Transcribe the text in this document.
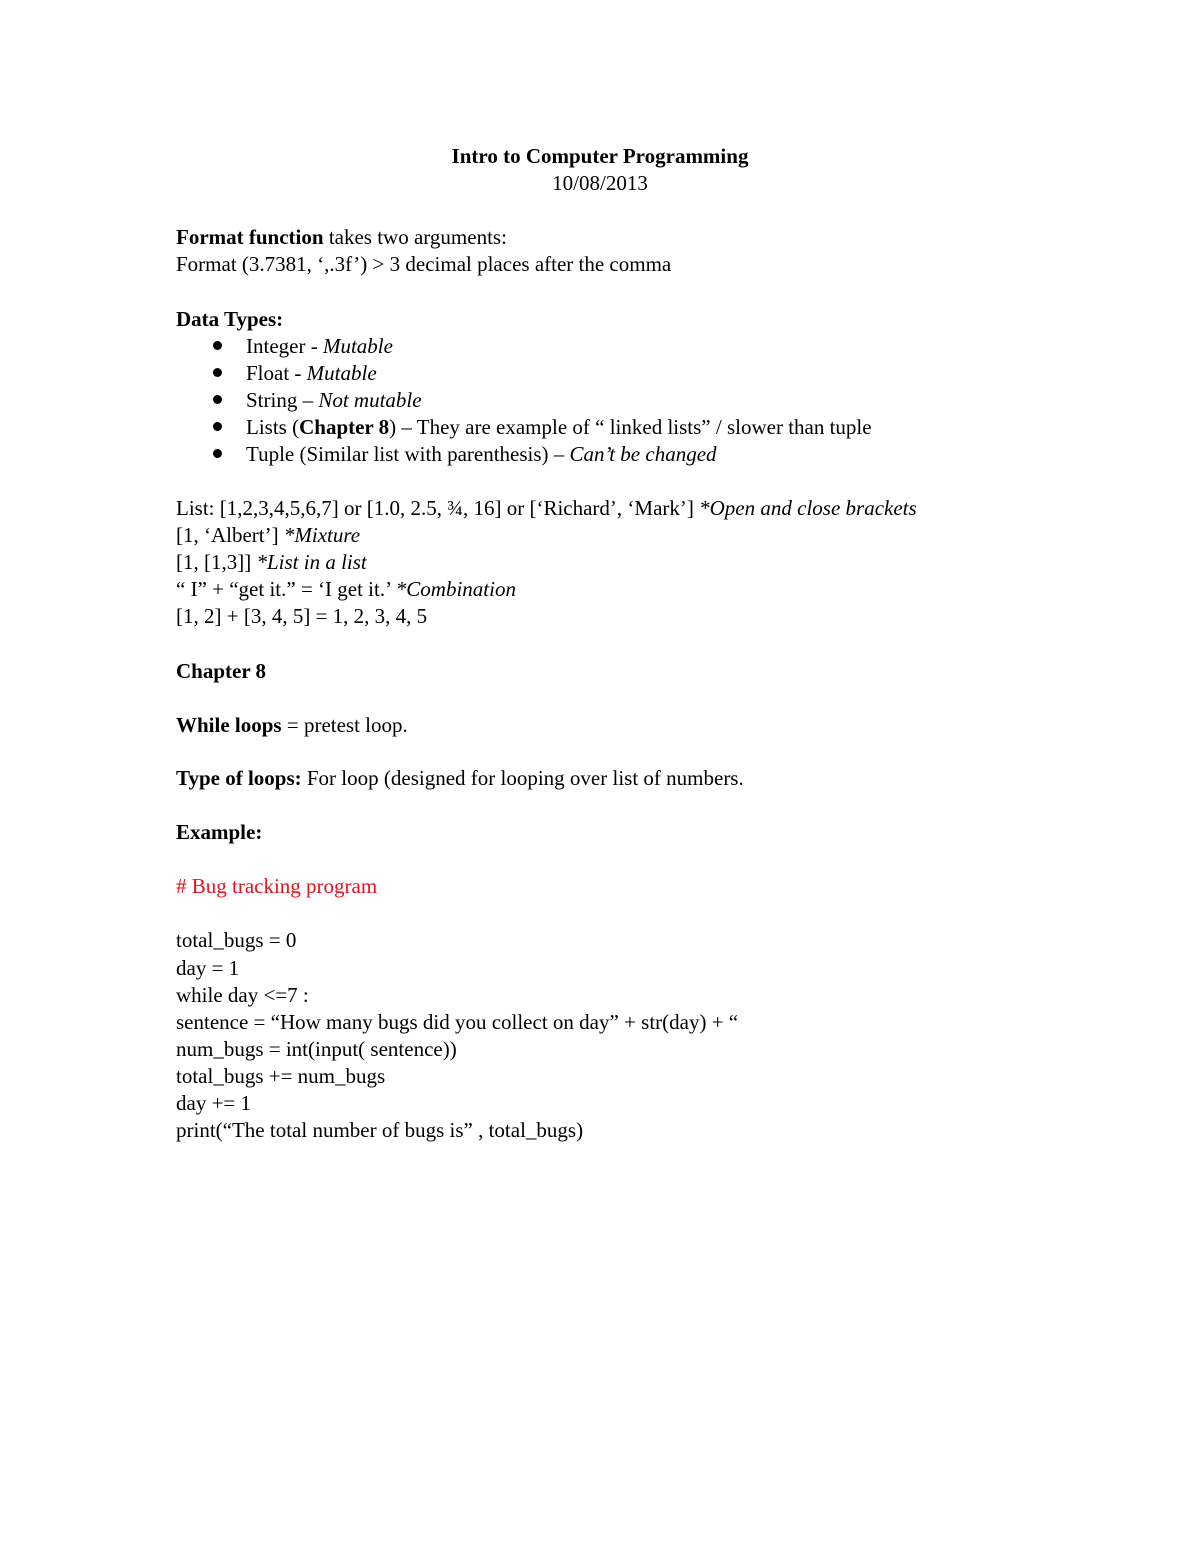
Intro to Computer Programming
10/08/2013
Format function takes two arguments:
Format (3.7381, ‘,.3f’) > 3 decimal places after the comma
Data Types:
Integer - Mutable
Float - Mutable
String – Not mutable
Lists (Chapter 8) – They are example of “ linked lists” / slower than tuple
Tuple (Similar list with parenthesis) – Can’t be changed
List: [1,2,3,4,5,6,7] or [1.0, 2.5, ¾, 16] or [‘Richard’, ‘Mark’] *Open and close brackets
[1, ‘Albert’] *Mixture
[1, [1,3]] *List in a list
“ I” + “get it.” = ‘I get it.’ *Combination
[1, 2] + [3, 4, 5] = 1, 2, 3, 4, 5
Chapter 8
While loops = pretest loop.
Type of loops: For loop (designed for looping over list of numbers.
Example:
# Bug tracking program
total_bugs = 0
day = 1
while day <=7 :
sentence = “How many bugs did you collect on day” + str(day) + “
num_bugs = int(input( sentence))
total_bugs += num_bugs
day += 1
print(“The total number of bugs is” , total_bugs)
